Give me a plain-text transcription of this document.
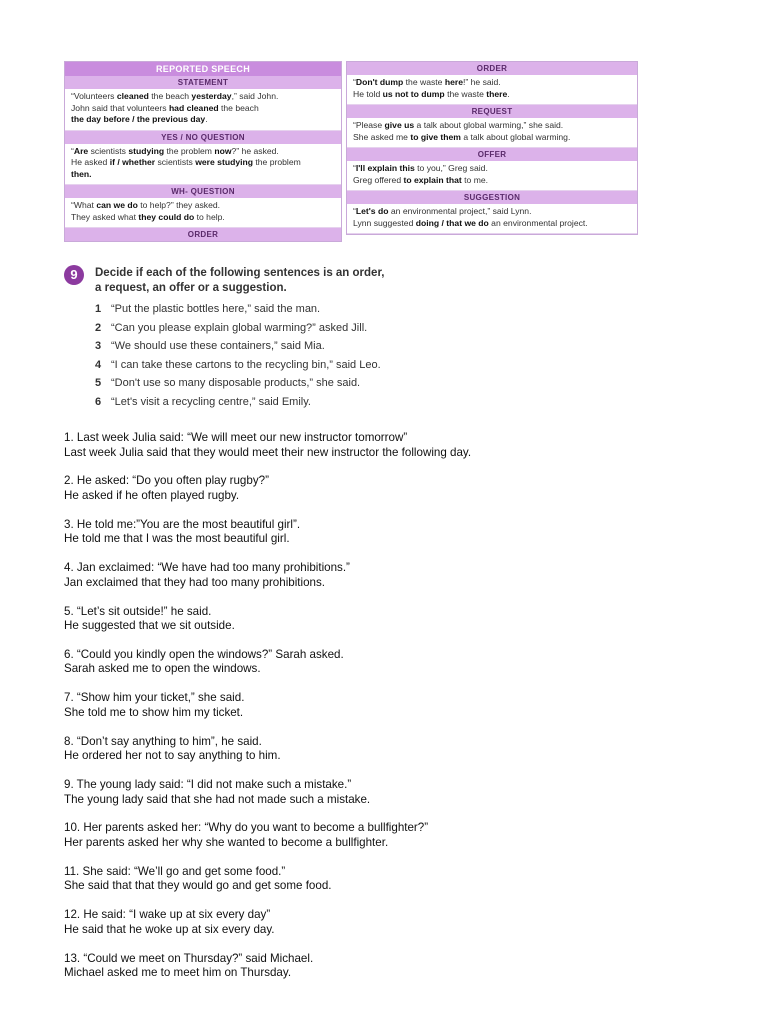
REPORTED SPEECH
STATEMENT
“Volunteers cleaned the beach yesterday,” said John.
John said that volunteers had cleaned the beach
the day before / the previous day.
YES / NO QUESTION
“Are scientists studying the problem now?” he asked.
He asked if / whether scientists were studying the problem
then.
WH- QUESTION
“What can we do to help?” they asked.
They asked what they could do to help.
ORDER
ORDER
“Don't dump the waste here!” he said.
He told us not to dump the waste there.
REQUEST
“Please give us a talk about global warming,” she said.
She asked me to give them a talk about global warming.
OFFER
“I'll explain this to you,” Greg said.
Greg offered to explain that to me.
SUGGESTION
“Let's do an environmental project,” said Lynn.
Lynn suggested doing / that we do an environmental project.
9	Decide if each of the following sentences is an order,
a request, an offer or a suggestion.
1 “Put the plastic bottles here,” said the man.
2 “Can you please explain global warming?” asked Jill.
3 “We should use these containers,” said Mia.
4 “I can take these cartons to the recycling bin,” said Leo.
5 “Don't use so many disposable products,” she said.
6 “Let's visit a recycling centre,” said Emily.
1. Last week Julia said: “We will meet our new instructor tomorrow”
Last week Julia said that they would meet their new instructor the following day.
2. He asked: “Do you often play rugby?”
He asked if he often played rugby.
3. He told me:”You are the most beautiful girl”.
He told me that I was the most beautiful girl.
4. Jan exclaimed: “We have had too many prohibitions.”
Jan exclaimed that they had too many prohibitions.
5. “Let’s sit outside!” he said.
He suggested that we sit outside.
6. “Could you kindly open the windows?” Sarah asked.
Sarah asked me to open the windows.
7. “Show him your ticket,” she said.
She told me to show him my ticket.
8. “Don’t say anything to him”, he said.
He ordered her not to say anything to him.
9. The young lady said: “I did not make such a mistake.”
The young lady said that she had not made such a mistake.
10. Her parents asked her: “Why do you want to become a bullfighter?”
Her parents asked her why she wanted to become a bullfighter.
11. She said: “We’ll go and get some food.”
She said that that they would go and get some food.
12. He said: “I wake up at six every day”
He said that he woke up at six every day.
13. “Could we meet on Thursday?” said Michael.
Michael asked me to meet him on Thursday.
